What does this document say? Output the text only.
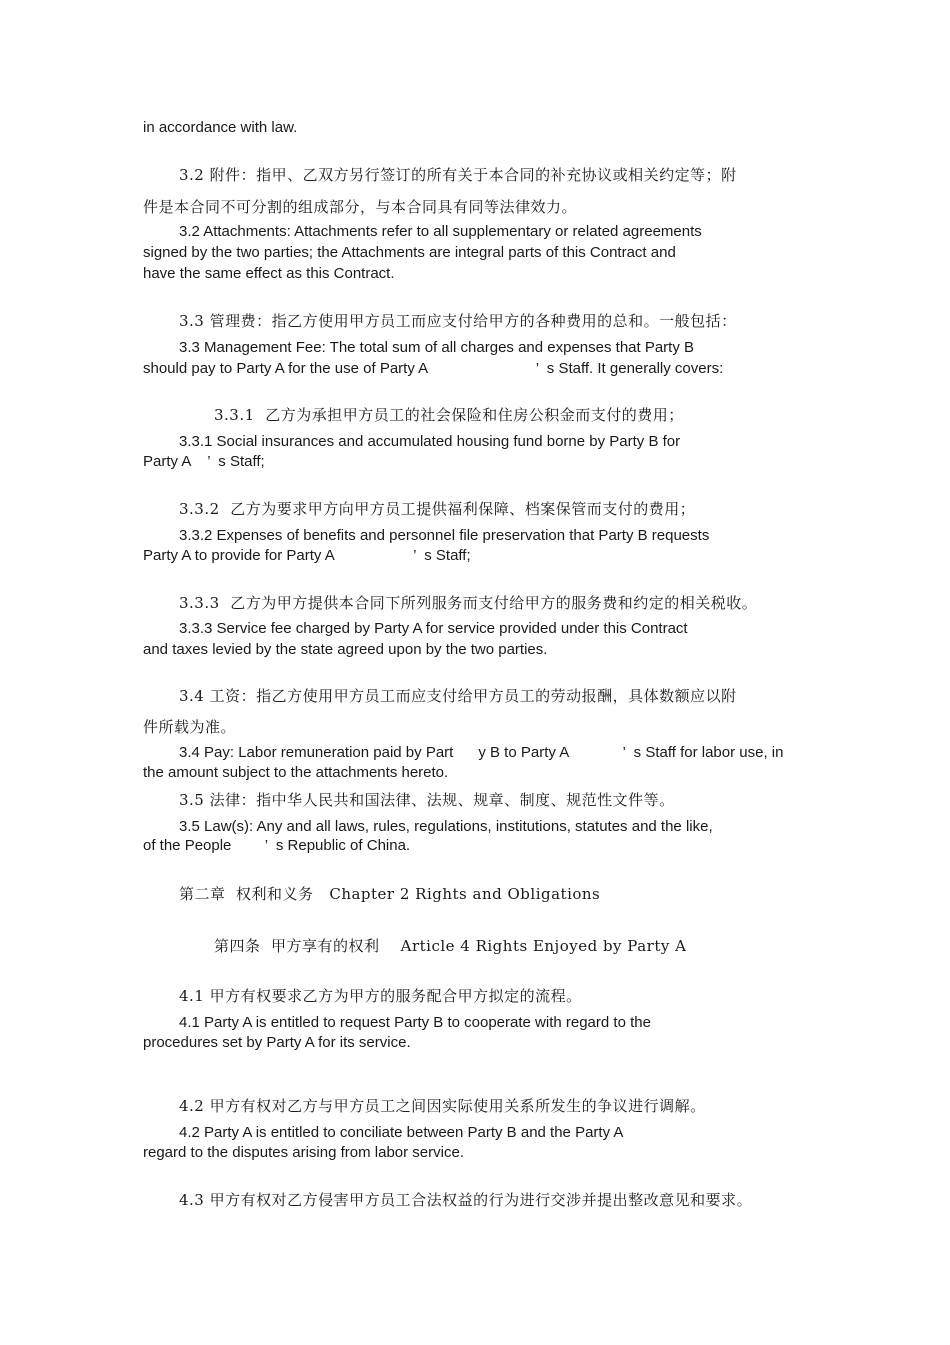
in accordance with law.

3.2 附件：指甲、乙双方另行签订的所有关于本合同的补充协议或相关约定等；附

件是本合同不可分割的组成部分，与本合同具有同等法律效力。

3.2 Attachments: Attachments refer to all supplementary or related agreements

signed by the two parties; the Attachments are integral parts of this Contract and

have the same effect as this Contract.

3.3 管理费：指乙方使用甲方员工而应支付给甲方的各种费用的总和。一般包括：

3.3 Management Fee: The total sum of all charges and expenses that Party B

should pay to Party A for the use of Party A                          ’  s Staff. It generally covers:

3.3.1  乙方为承担甲方员工的社会保险和住房公积金而支付的费用；

3.3.1 Social insurances and accumulated housing fund borne by Party B for

Party A    ’  s Staff;

3.3.2  乙方为要求甲方向甲方员工提供福利保障、档案保管而支付的费用；

3.3.2 Expenses of benefits and personnel file preservation that Party B requests

Party A to provide for Party A                   ’  s Staff;

3.3.3  乙方为甲方提供本合同下所列服务而支付给甲方的服务费和约定的相关税收。

3.3.3 Service fee charged by Party A for service provided under this Contract

and taxes levied by the state agreed upon by the two parties.

3.4 工资：指乙方使用甲方员工而应支付给甲方员工的劳动报酬，具体数额应以附

件所载为准。

3.4 Pay: Labor remuneration paid by Part      y B to Party A             ’  s Staff for labor use, in

the amount subject to the attachments hereto.

3.5 法律：指中华人民共和国法律、法规、规章、制度、规范性文件等。

3.5 Law(s): Any and all laws, rules, regulations, institutions, statutes and the like,

of the People        ’  s Republic of China.

第二章  权利和义务   Chapter 2 Rights and Obligations

第四条  甲方享有的权利    Article 4 Rights Enjoyed by Party A

4.1 甲方有权要求乙方为甲方的服务配合甲方拟定的流程。

4.1 Party A is entitled to request Party B to cooperate with regard to the

procedures set by Party A for its service.

4.2 甲方有权对乙方与甲方员工之间因实际使用关系所发生的争议进行调解。

4.2 Party A is entitled to conciliate between Party B and the Party A

regard to the disputes arising from labor service.

4.3 甲方有权对乙方侵害甲方员工合法权益的行为进行交涉并提出整改意见和要求。
